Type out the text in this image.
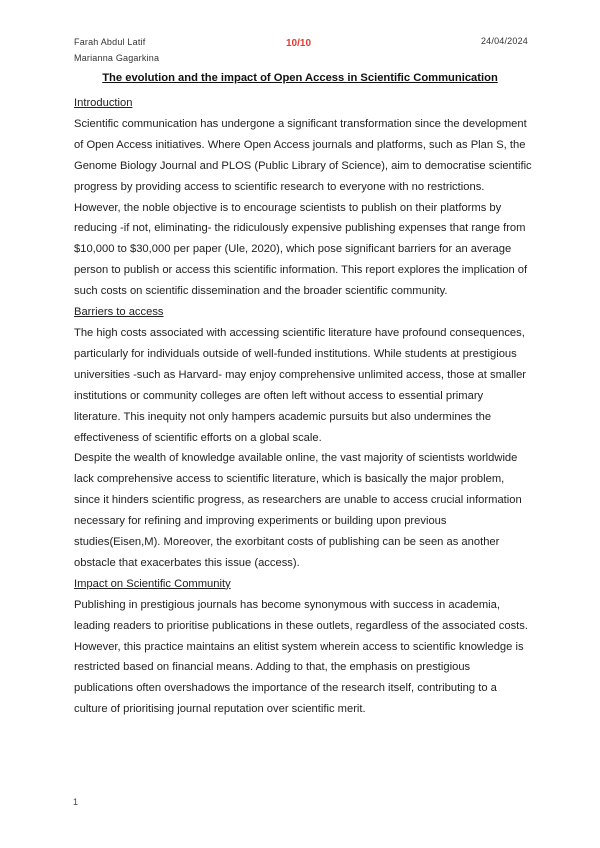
Farah Abdul Latif
Marianna Gagarkina
10/10	24/04/2024
The evolution and the impact of Open Access in Scientific Communication
Introduction

Scientific communication has undergone a significant transformation since the development of Open Access initiatives. Where Open Access journals and platforms, such as Plan S, the Genome Biology Journal and PLOS (Public Library of Science), aim to democratise scientific progress by providing access to scientific research to everyone with no restrictions. However, the noble objective is to encourage scientists to publish on their platforms by reducing -if not, eliminating- the ridiculously expensive publishing expenses that range from $10,000 to $30,000 per paper (Ule, 2020), which pose significant barriers for an average person to publish or access this scientific information. This report explores the implication of such costs on scientific dissemination and the broader scientific community.

Barriers to access

The high costs associated with accessing scientific literature have profound consequences, particularly for individuals outside of well-funded institutions. While students at prestigious universities -such as Harvard- may enjoy comprehensive unlimited access, those at smaller institutions or community colleges are often left without access to essential primary literature. This inequity not only hampers academic pursuits but also undermines the effectiveness of scientific efforts on a global scale.

Despite the wealth of knowledge available online, the vast majority of scientists worldwide lack comprehensive access to scientific literature, which is basically the major problem, since it hinders scientific progress, as researchers are unable to access crucial information necessary for refining and improving experiments or building upon previous studies(Eisen,M). Moreover, the exorbitant costs of publishing can be seen as another obstacle that exacerbates this issue (access).

Impact on Scientific Community

Publishing in prestigious journals has become synonymous with success in academia, leading readers to prioritise publications in these outlets, regardless of the associated costs. However, this practice maintains an elitist system wherein access to scientific knowledge is restricted based on financial means. Adding to that, the emphasis on prestigious publications often overshadows the importance of the research itself, contributing to a culture of prioritising journal reputation over scientific merit.

1
